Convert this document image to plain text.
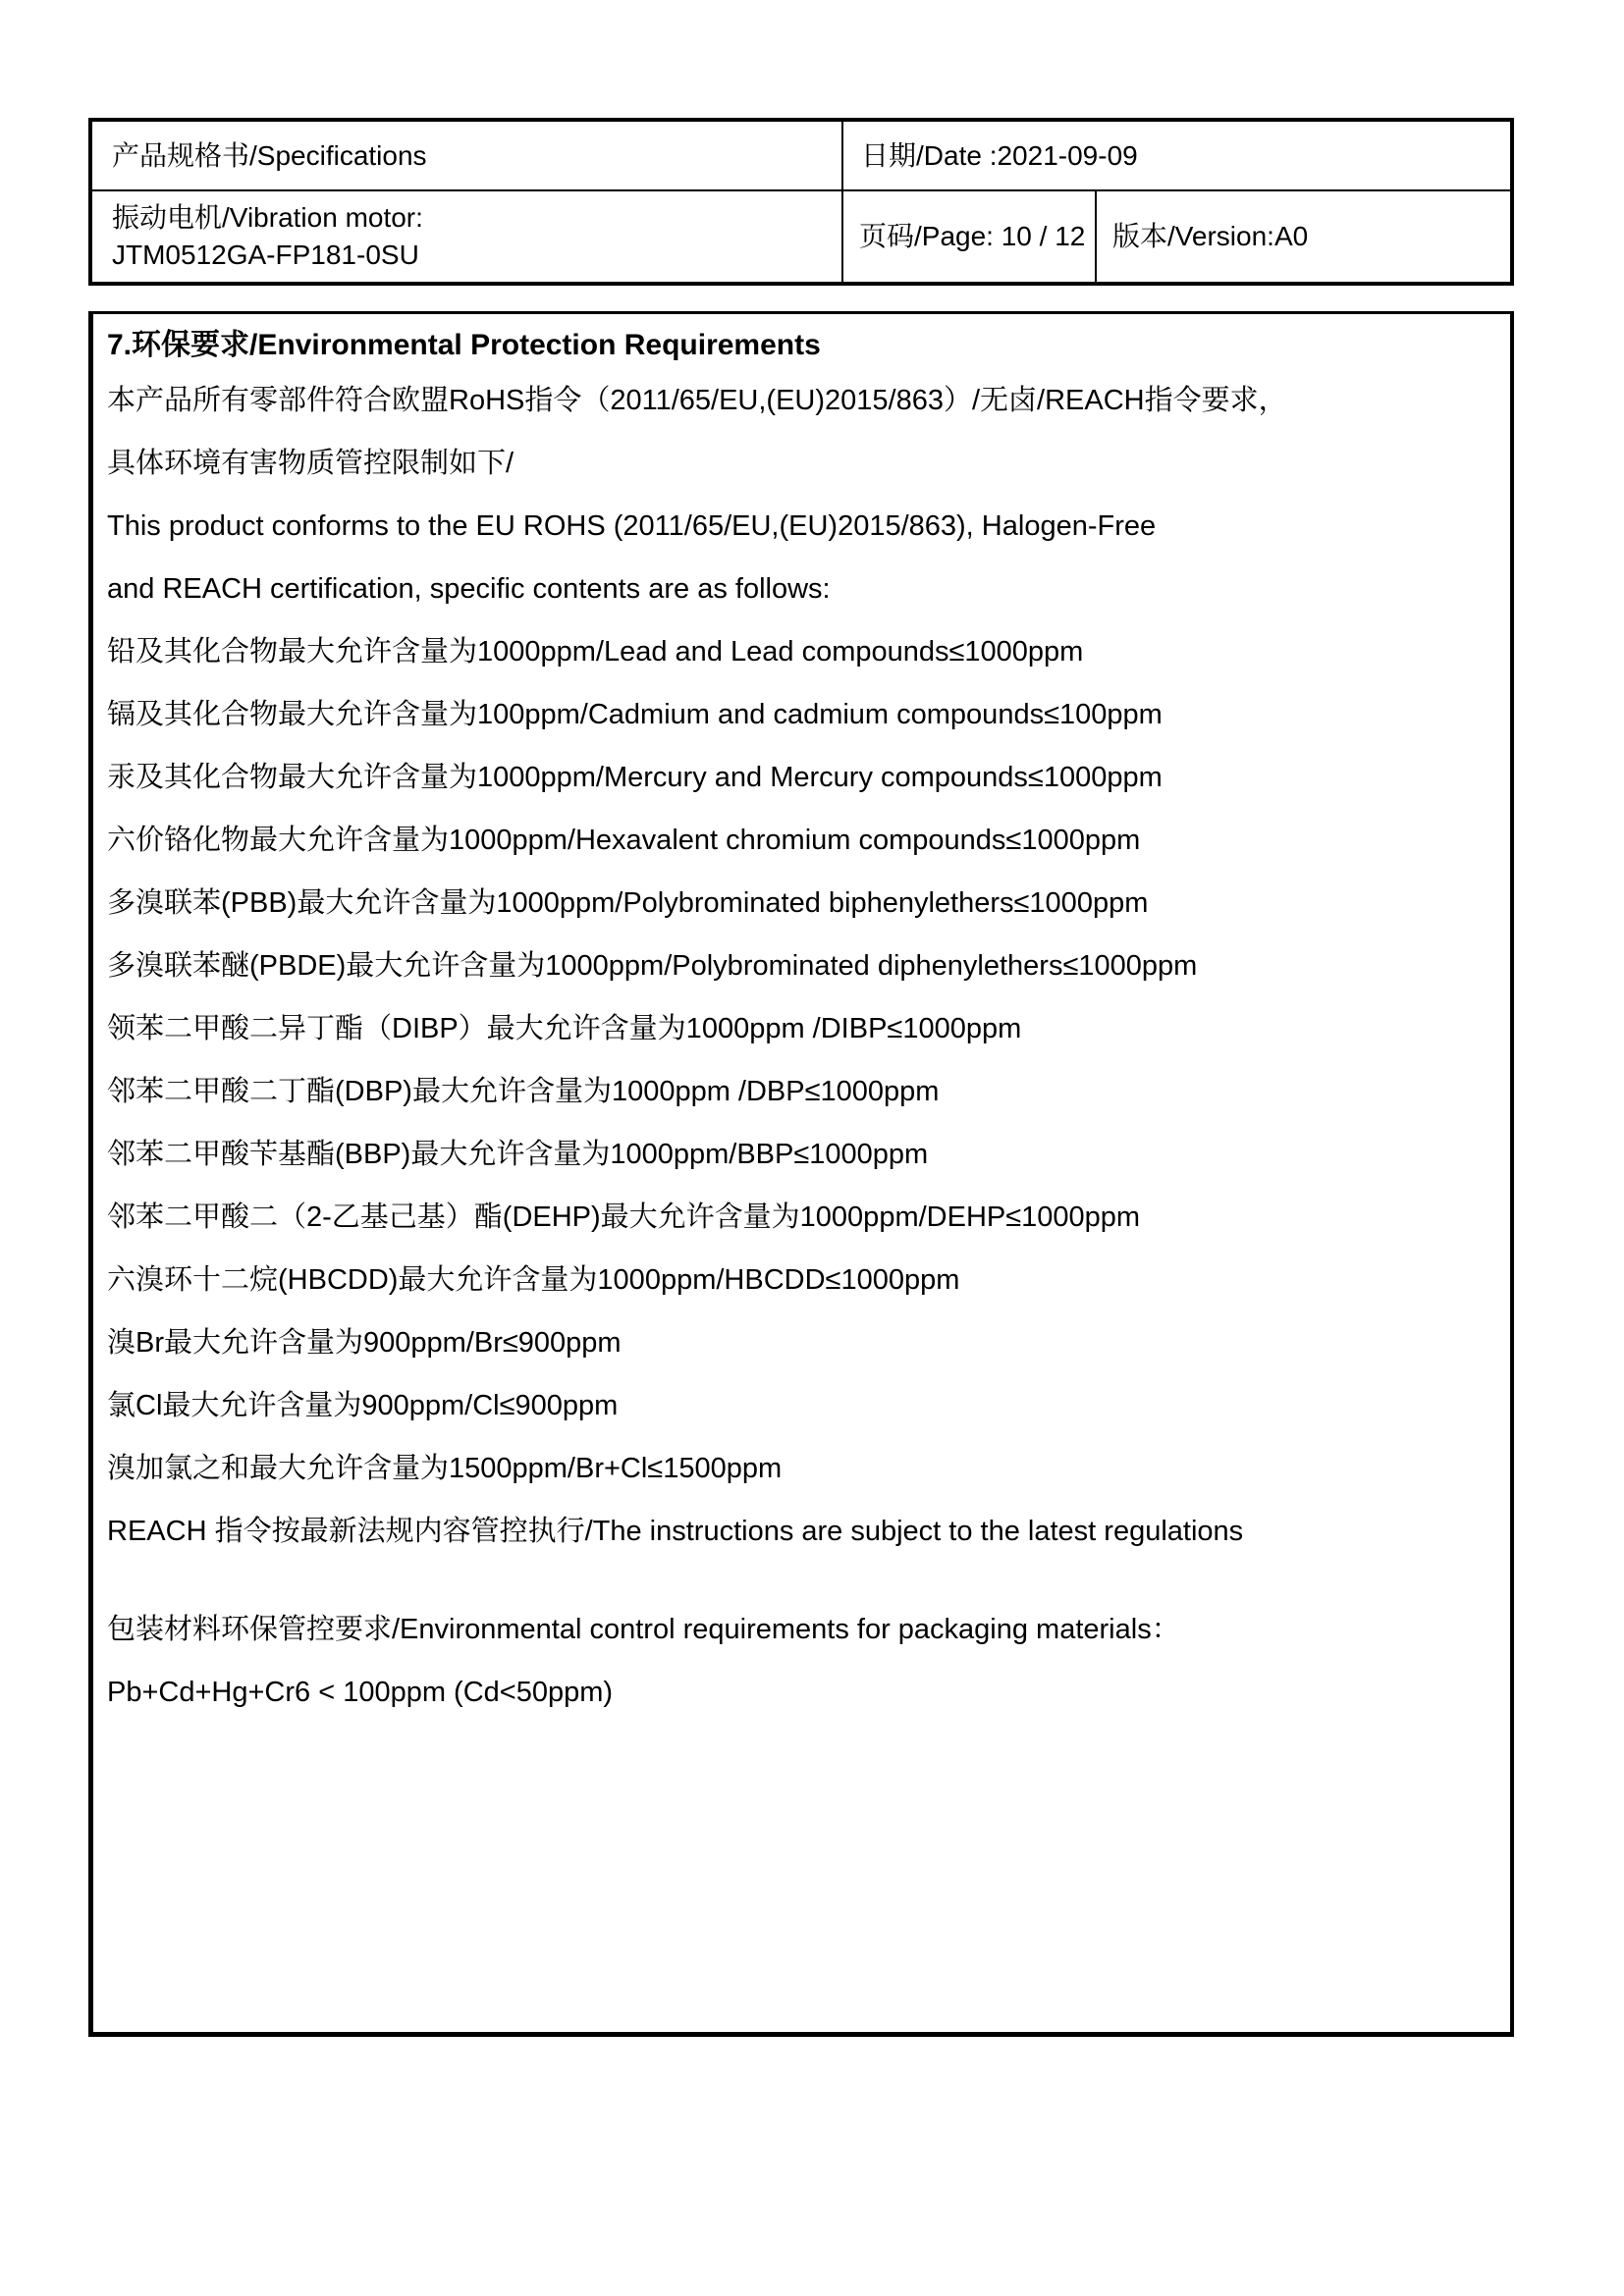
产品规格书/Specifications	日期/Date :2021-09-09
振动电机/Vibration motor:
JTM0512GA-FP181-0SU
页码/Page: 10 / 12 版本/Version:A0

7.环保要求/Environmental Protection Requirements

本产品所有零部件符合欧盟RoHS指令（2011/65/EU,(EU)2015/863）/无卤/REACH指令要求，

具体环境有害物质管控限制如下/

This product conforms to the EU ROHS (2011/65/EU,(EU)2015/863), Halogen-Free

and REACH certification, specific contents are as follows:

铅及其化合物最大允许含量为1000ppm/Lead and Lead compounds≤1000ppm

镉及其化合物最大允许含量为100ppm/Cadmium and cadmium compounds≤100ppm

汞及其化合物最大允许含量为1000ppm/Mercury and Mercury compounds≤1000ppm

六价铬化物最大允许含量为1000ppm/Hexavalent chromium compounds≤1000ppm

多溴联苯(PBB)最大允许含量为1000ppm/Polybrominated biphenylethers≤1000ppm

多溴联苯醚(PBDE)最大允许含量为1000ppm/Polybrominated diphenylethers≤1000ppm

领苯二甲酸二异丁酯（DIBP）最大允许含量为1000ppm /DIBP≤1000ppm

邻苯二甲酸二丁酯(DBP)最大允许含量为1000ppm /DBP≤1000ppm

邻苯二甲酸苄基酯(BBP)最大允许含量为1000ppm/BBP≤1000ppm

邻苯二甲酸二（2-乙基己基）酯(DEHP)最大允许含量为1000ppm/DEHP≤1000ppm

六溴环十二烷(HBCDD)最大允许含量为1000ppm/HBCDD≤1000ppm

溴Br最大允许含量为900ppm/Br≤900ppm

氯Cl最大允许含量为900ppm/Cl≤900ppm

溴加氯之和最大允许含量为1500ppm/Br+Cl≤1500ppm

REACH 指令按最新法规内容管控执行/The instructions are subject to the latest regulations

包装材料环保管控要求/Environmental control requirements for packaging materials：

Pb+Cd+Hg+Cr6 < 100ppm (Cd<50ppm)
